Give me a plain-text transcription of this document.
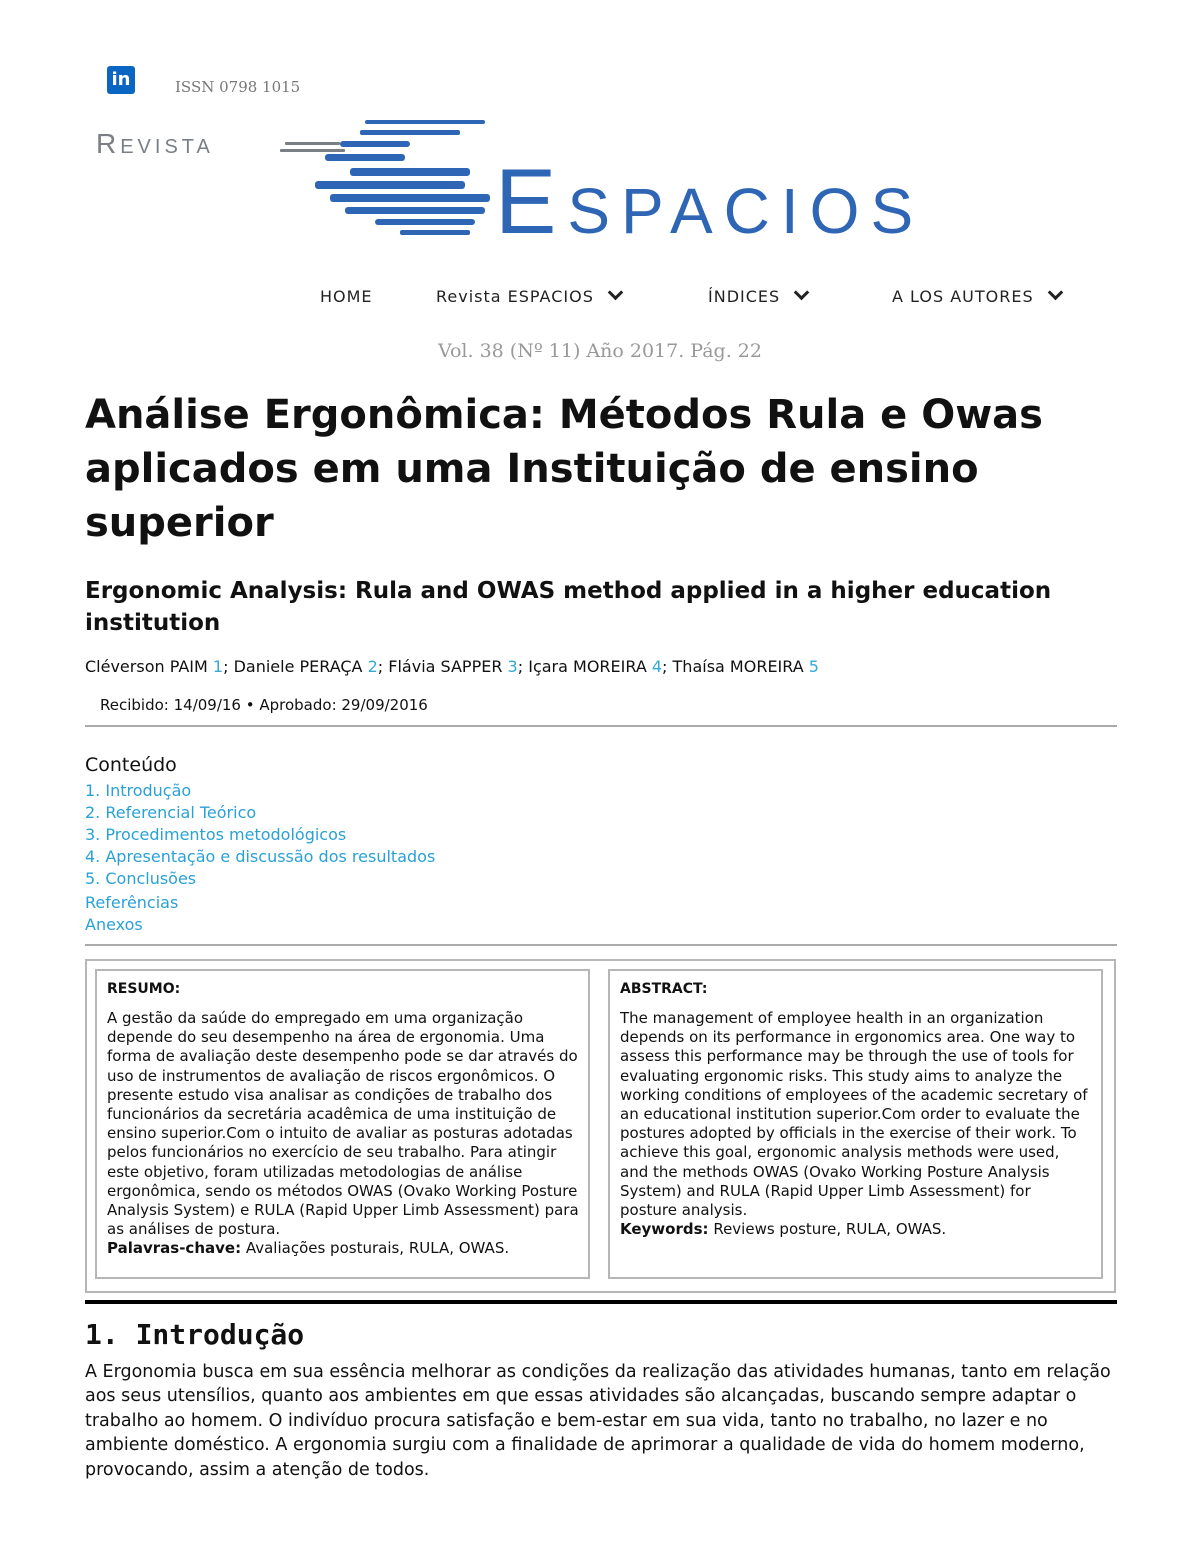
in	ISSN 0798 1015
Revista
Espacios
HOME	Revista ESPACIOS	ÍNDICES	A LOS AUTORES
Vol. 38 (Nº 11) Año 2017. Pág. 22
Análise Ergonômica: Métodos Rula e Owas aplicados em uma Instituição de ensino superior
Ergonomic Analysis: Rula and OWAS method applied in a higher education institution
Cléverson PAIM 1; Daniele PERAÇA 2; Flávia SAPPER 3; Içara MOREIRA 4; Thaísa MOREIRA 5
Recibido: 14/09/16 • Aprobado: 29/09/2016
Conteúdo
1. Introdução
2. Referencial Teórico
3. Procedimentos metodológicos
4. Apresentação e discussão dos resultados
5. Conclusões
Referências
Anexos
RESUMO:
A gestão da saúde do empregado em uma organização depende do seu desempenho na área de ergonomia. Uma forma de avaliação deste desempenho pode se dar através do uso de instrumentos de avaliação de riscos ergonômicos. O presente estudo visa analisar as condições de trabalho dos funcionários da secretária acadêmica de uma instituição de ensino superior.Com o intuito de avaliar as posturas adotadas pelos funcionários no exercício de seu trabalho. Para atingir este objetivo, foram utilizadas metodologias de análise ergonômica, sendo os métodos OWAS (Ovako Working Posture Analysis System) e RULA (Rapid Upper Limb Assessment) para as análises de postura.
Palavras-chave: Avaliações posturais, RULA, OWAS.
ABSTRACT:
The management of employee health in an organization depends on its performance in ergonomics area. One way to assess this performance may be through the use of tools for evaluating ergonomic risks. This study aims to analyze the working conditions of employees of the academic secretary of an educational institution superior.Com order to evaluate the postures adopted by officials in the exercise of their work. To achieve this goal, ergonomic analysis methods were used, and the methods OWAS (Ovako Working Posture Analysis System) and RULA (Rapid Upper Limb Assessment) for posture analysis.
Keywords: Reviews posture, RULA, OWAS.
1. Introdução
A Ergonomia busca em sua essência melhorar as condições da realização das atividades humanas, tanto em relação aos seus utensílios, quanto aos ambientes em que essas atividades são alcançadas, buscando sempre adaptar o trabalho ao homem. O indivíduo procura satisfação e bem-estar em sua vida, tanto no trabalho, no lazer e no ambiente doméstico. A ergonomia surgiu com a finalidade de aprimorar a qualidade de vida do homem moderno, provocando, assim a atenção de todos.
